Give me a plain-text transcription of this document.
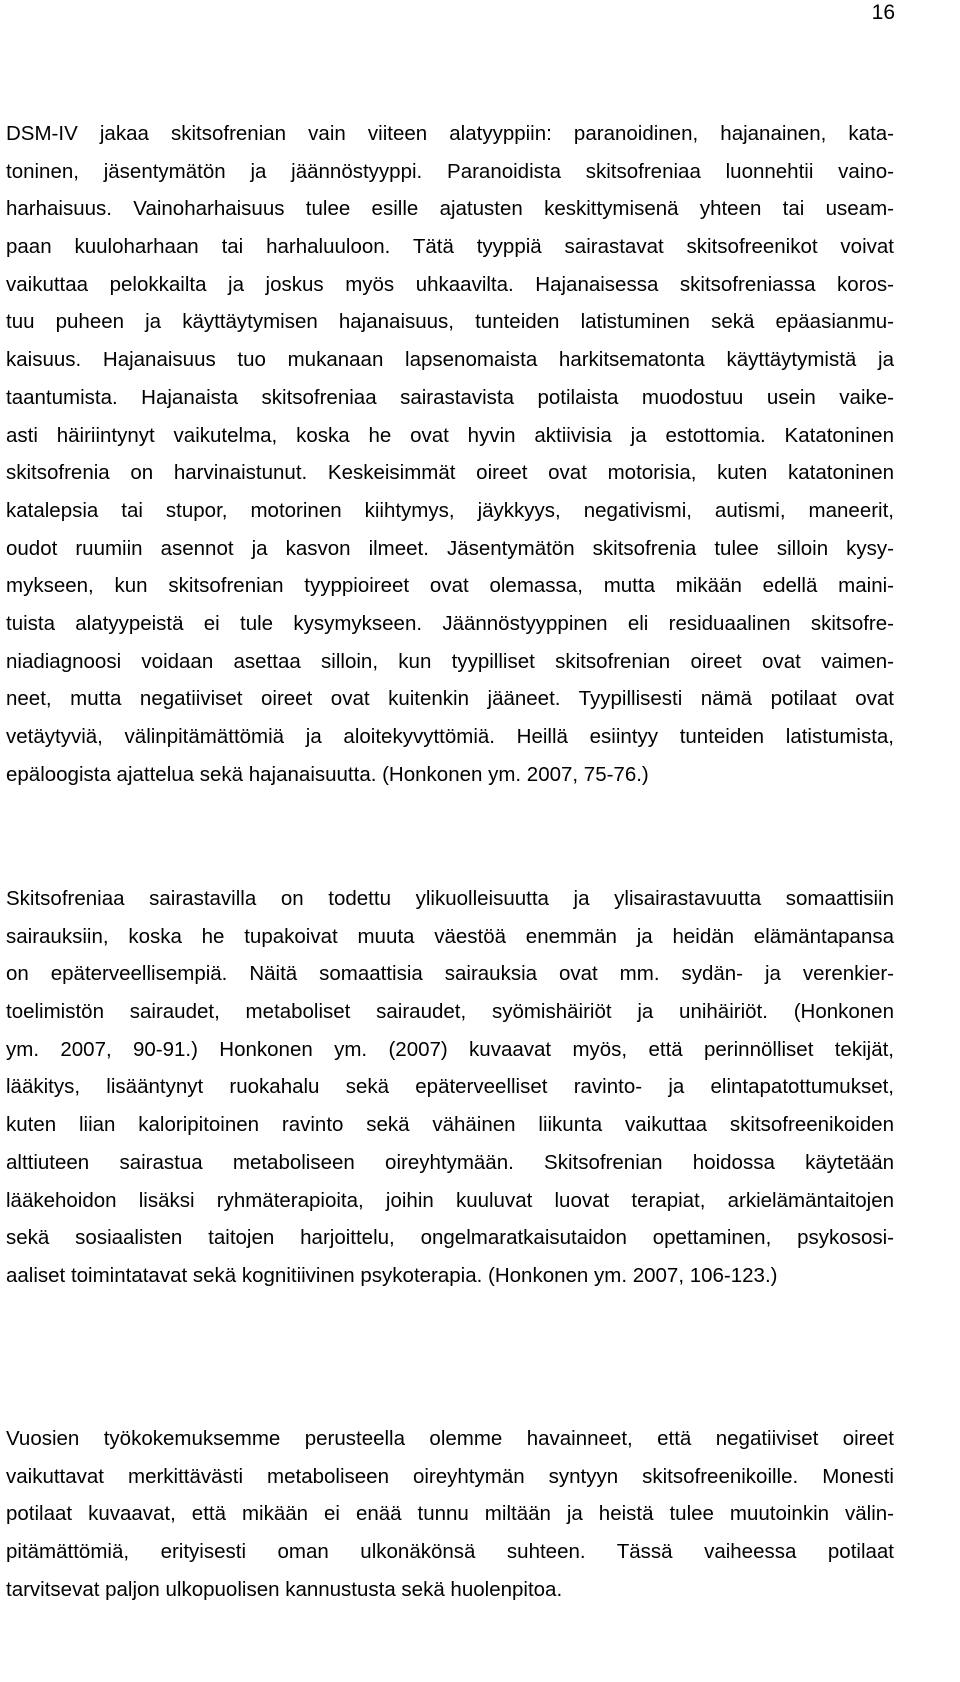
16
DSM-IV jakaa skitsofrenian vain viiteen alatyyppiin: paranoidinen, hajanainen, kata-
toninen, jäsentymätön ja jäännöstyyppi. Paranoidista skitsofreniaa luonnehtii vaino-
harhaisuus. Vainoharhaisuus tulee esille ajatusten keskittymisenä yhteen tai useam-
paan kuuloharhaan tai harhaluuloon. Tätä tyyppiä sairastavat skitsofreenikot voivat
vaikuttaa pelokkailta ja joskus myös uhkaavilta. Hajanaisessa skitsofreniassa koros-
tuu puheen ja käyttäytymisen hajanaisuus, tunteiden latistuminen sekä epäasianmu-
kaisuus. Hajanaisuus tuo mukanaan lapsenomaista harkitsematonta käyttäytymistä ja
taantumista. Hajanaista skitsofreniaa sairastavista potilaista muodostuu usein vaike-
asti häiriintynyt vaikutelma, koska he ovat hyvin aktiivisia ja estottomia. Katatoninen
skitsofrenia on harvinaistunut. Keskeisimmät oireet ovat motorisia, kuten katatoninen
katalepsia tai stupor, motorinen kiihtymys, jäykkyys, negativismi, autismi, maneerit,
oudot ruumiin asennot ja kasvon ilmeet. Jäsentymätön skitsofrenia tulee silloin kysy-
mykseen, kun skitsofrenian tyyppioireet ovat olemassa, mutta mikään edellä maini-
tuista alatyypeistä ei tule kysymykseen. Jäännöstyyppinen eli residuaalinen skitsofre-
niadiagnoosi voidaan asettaa silloin, kun tyypilliset skitsofrenian oireet ovat vaimen-
neet, mutta negatiiviset oireet ovat kuitenkin jääneet. Tyypillisesti nämä potilaat ovat
vetäytyviä, välinpitämättömiä ja aloitekyvyttömiä. Heillä esiintyy tunteiden latistumista,
epäloogista ajattelua sekä hajanaisuutta. (Honkonen ym. 2007, 75-76.)
Skitsofreniaa sairastavilla on todettu ylikuolleisuutta ja ylisairastavuutta somaattisiin
sairauksiin, koska he tupakoivat muuta väestöä enemmän ja heidän elämäntapansa
on epäterveellisempiä. Näitä somaattisia sairauksia ovat mm. sydän- ja verenkier-
toelimistön sairaudet, metaboliset sairaudet, syömishäiriöt ja unihäiriöt. (Honkonen
ym. 2007, 90-91.) Honkonen ym. (2007) kuvaavat myös, että perinnölliset tekijät,
lääkitys, lisääntynyt ruokahalu sekä epäterveelliset ravinto- ja elintapatottumukset,
kuten liian kaloripitoinen ravinto sekä vähäinen liikunta vaikuttaa skitsofreenikoiden
alttiuteen sairastua metaboliseen oireyhtymään. Skitsofrenian hoidossa käytetään
lääkehoidon lisäksi ryhmäterapioita, joihin kuuluvat luovat terapiat, arkielämäntaitojen
sekä sosiaalisten taitojen harjoittelu, ongelmaratkaisutaidon opettaminen, psykososi-
aaliset toimintatavat sekä kognitiivinen psykoterapia. (Honkonen ym. 2007, 106-123.)
Vuosien työkokemuksemme perusteella olemme havainneet, että negatiiviset oireet
vaikuttavat merkittävästi metaboliseen oireyhtymän syntyyn skitsofreenikoille. Monesti
potilaat kuvaavat, että mikään ei enää tunnu miltään ja heistä tulee muutoinkin välin-
pitämättömiä, erityisesti oman ulkonäkönsä suhteen. Tässä vaiheessa potilaat
tarvitsevat paljon ulkopuolisen kannustusta sekä huolenpitoa.
